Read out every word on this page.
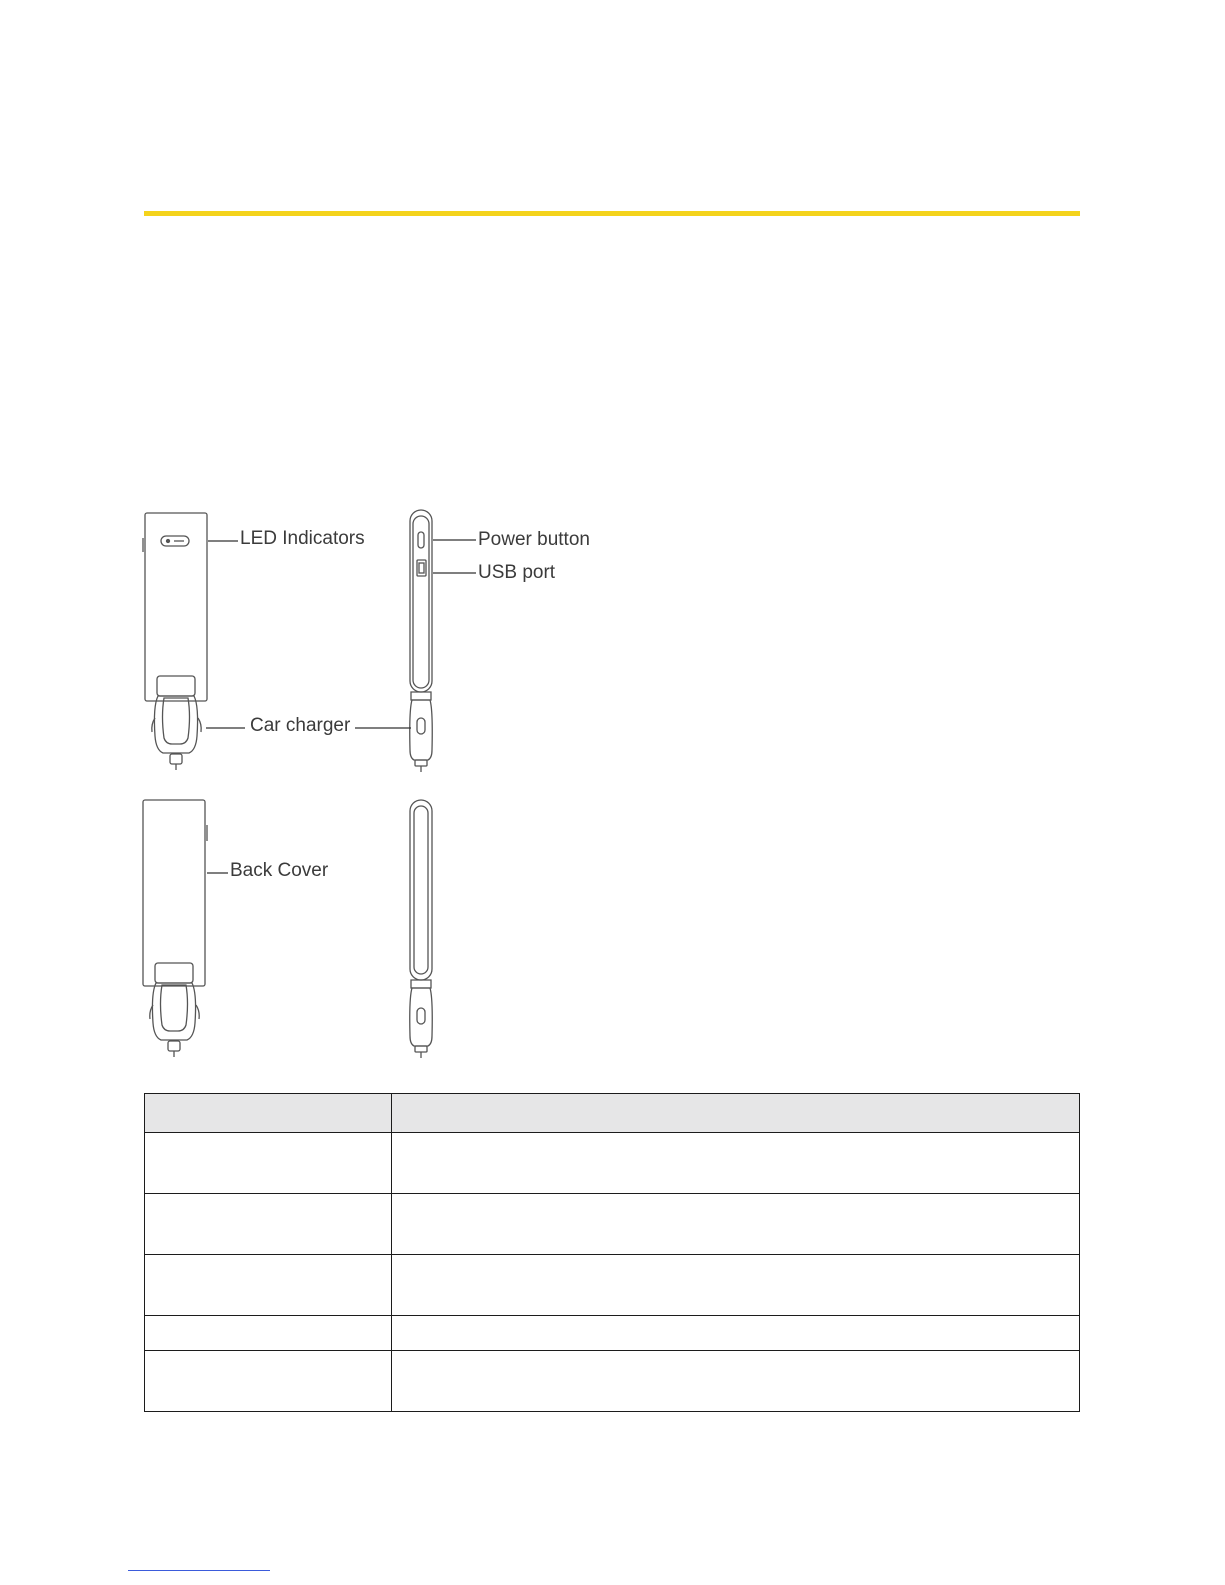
LED Indicators	Power button
USB port
Car charger
Back Cover
